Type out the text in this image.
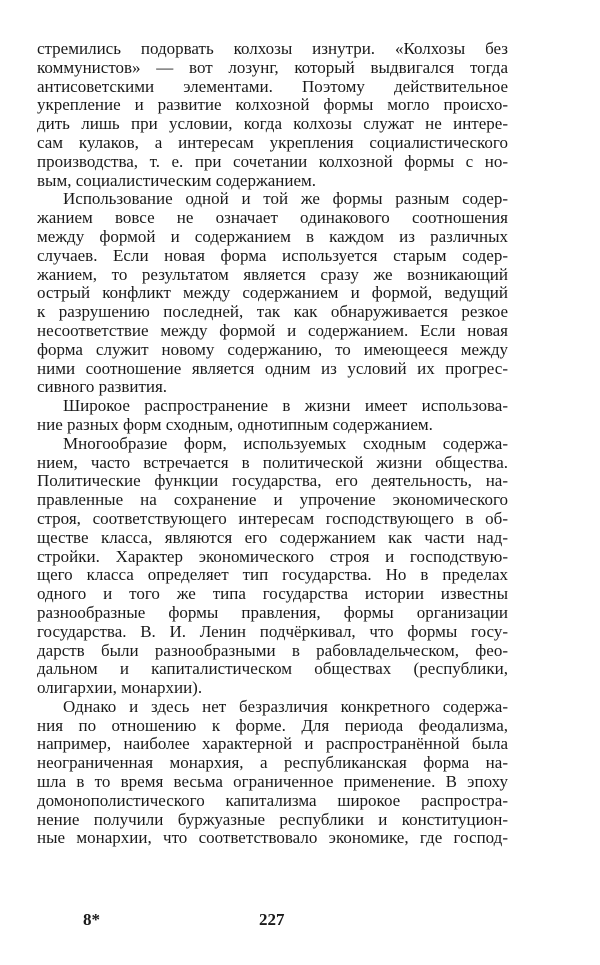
стремились подорвать колхозы изнутри. «Колхозы без
коммунистов» — вот лозунг, который выдвигался тогда
антисоветскими элементами. Поэтому действительное
укрепление и развитие колхозной формы могло происхо-
дить лишь при условии, когда колхозы служат не интере-
сам кулаков, а интересам укрепления социалистического
производства, т. е. при сочетании колхозной формы с но-
вым, социалистическим содержанием.
Использование одной и той же формы разным содер-
жанием вовсе не означает одинакового соотношения
между формой и содержанием в каждом из различных
случаев. Если новая форма используется старым содер-
жанием, то результатом является сразу же возникающий
острый конфликт между содержанием и формой, ведущий
к разрушению последней, так как обнаруживается резкое
несоответствие между формой и содержанием. Если новая
форма служит новому содержанию, то имеющееся между
ними соотношение является одним из условий их прогрес-
сивного развития.
Широкое распространение в жизни имеет использова-
ние разных форм сходным, однотипным содержанием.
Многообразие форм, используемых сходным содержа-
нием, часто встречается в политической жизни общества.
Политические функции государства, его деятельность, на-
правленные на сохранение и упрочение экономического
строя, соответствующего интересам господствующего в об-
ществе класса, являются его содержанием как части над-
стройки. Характер экономического строя и господствую-
щего класса определяет тип государства. Но в пределах
одного и того же типа государства истории известны
разнообразные формы правления, формы организации
государства. В. И. Ленин подчёркивал, что формы госу-
дарств были разнообразными в рабовладельческом, фео-
дальном и капиталистическом обществах (республики,
олигархии, монархии).
Однако и здесь нет безразличия конкретного содержа-
ния по отношению к форме. Для периода феодализма,
например, наиболее характерной и распространённой была
неограниченная монархия, а республиканская форма на-
шла в то время весьма ограниченное применение. В эпоху
домонополистического капитализма широкое распростра-
нение получили буржуазные республики и конституцион-
ные монархии, что соответствовало экономике, где господ-
8*	227
